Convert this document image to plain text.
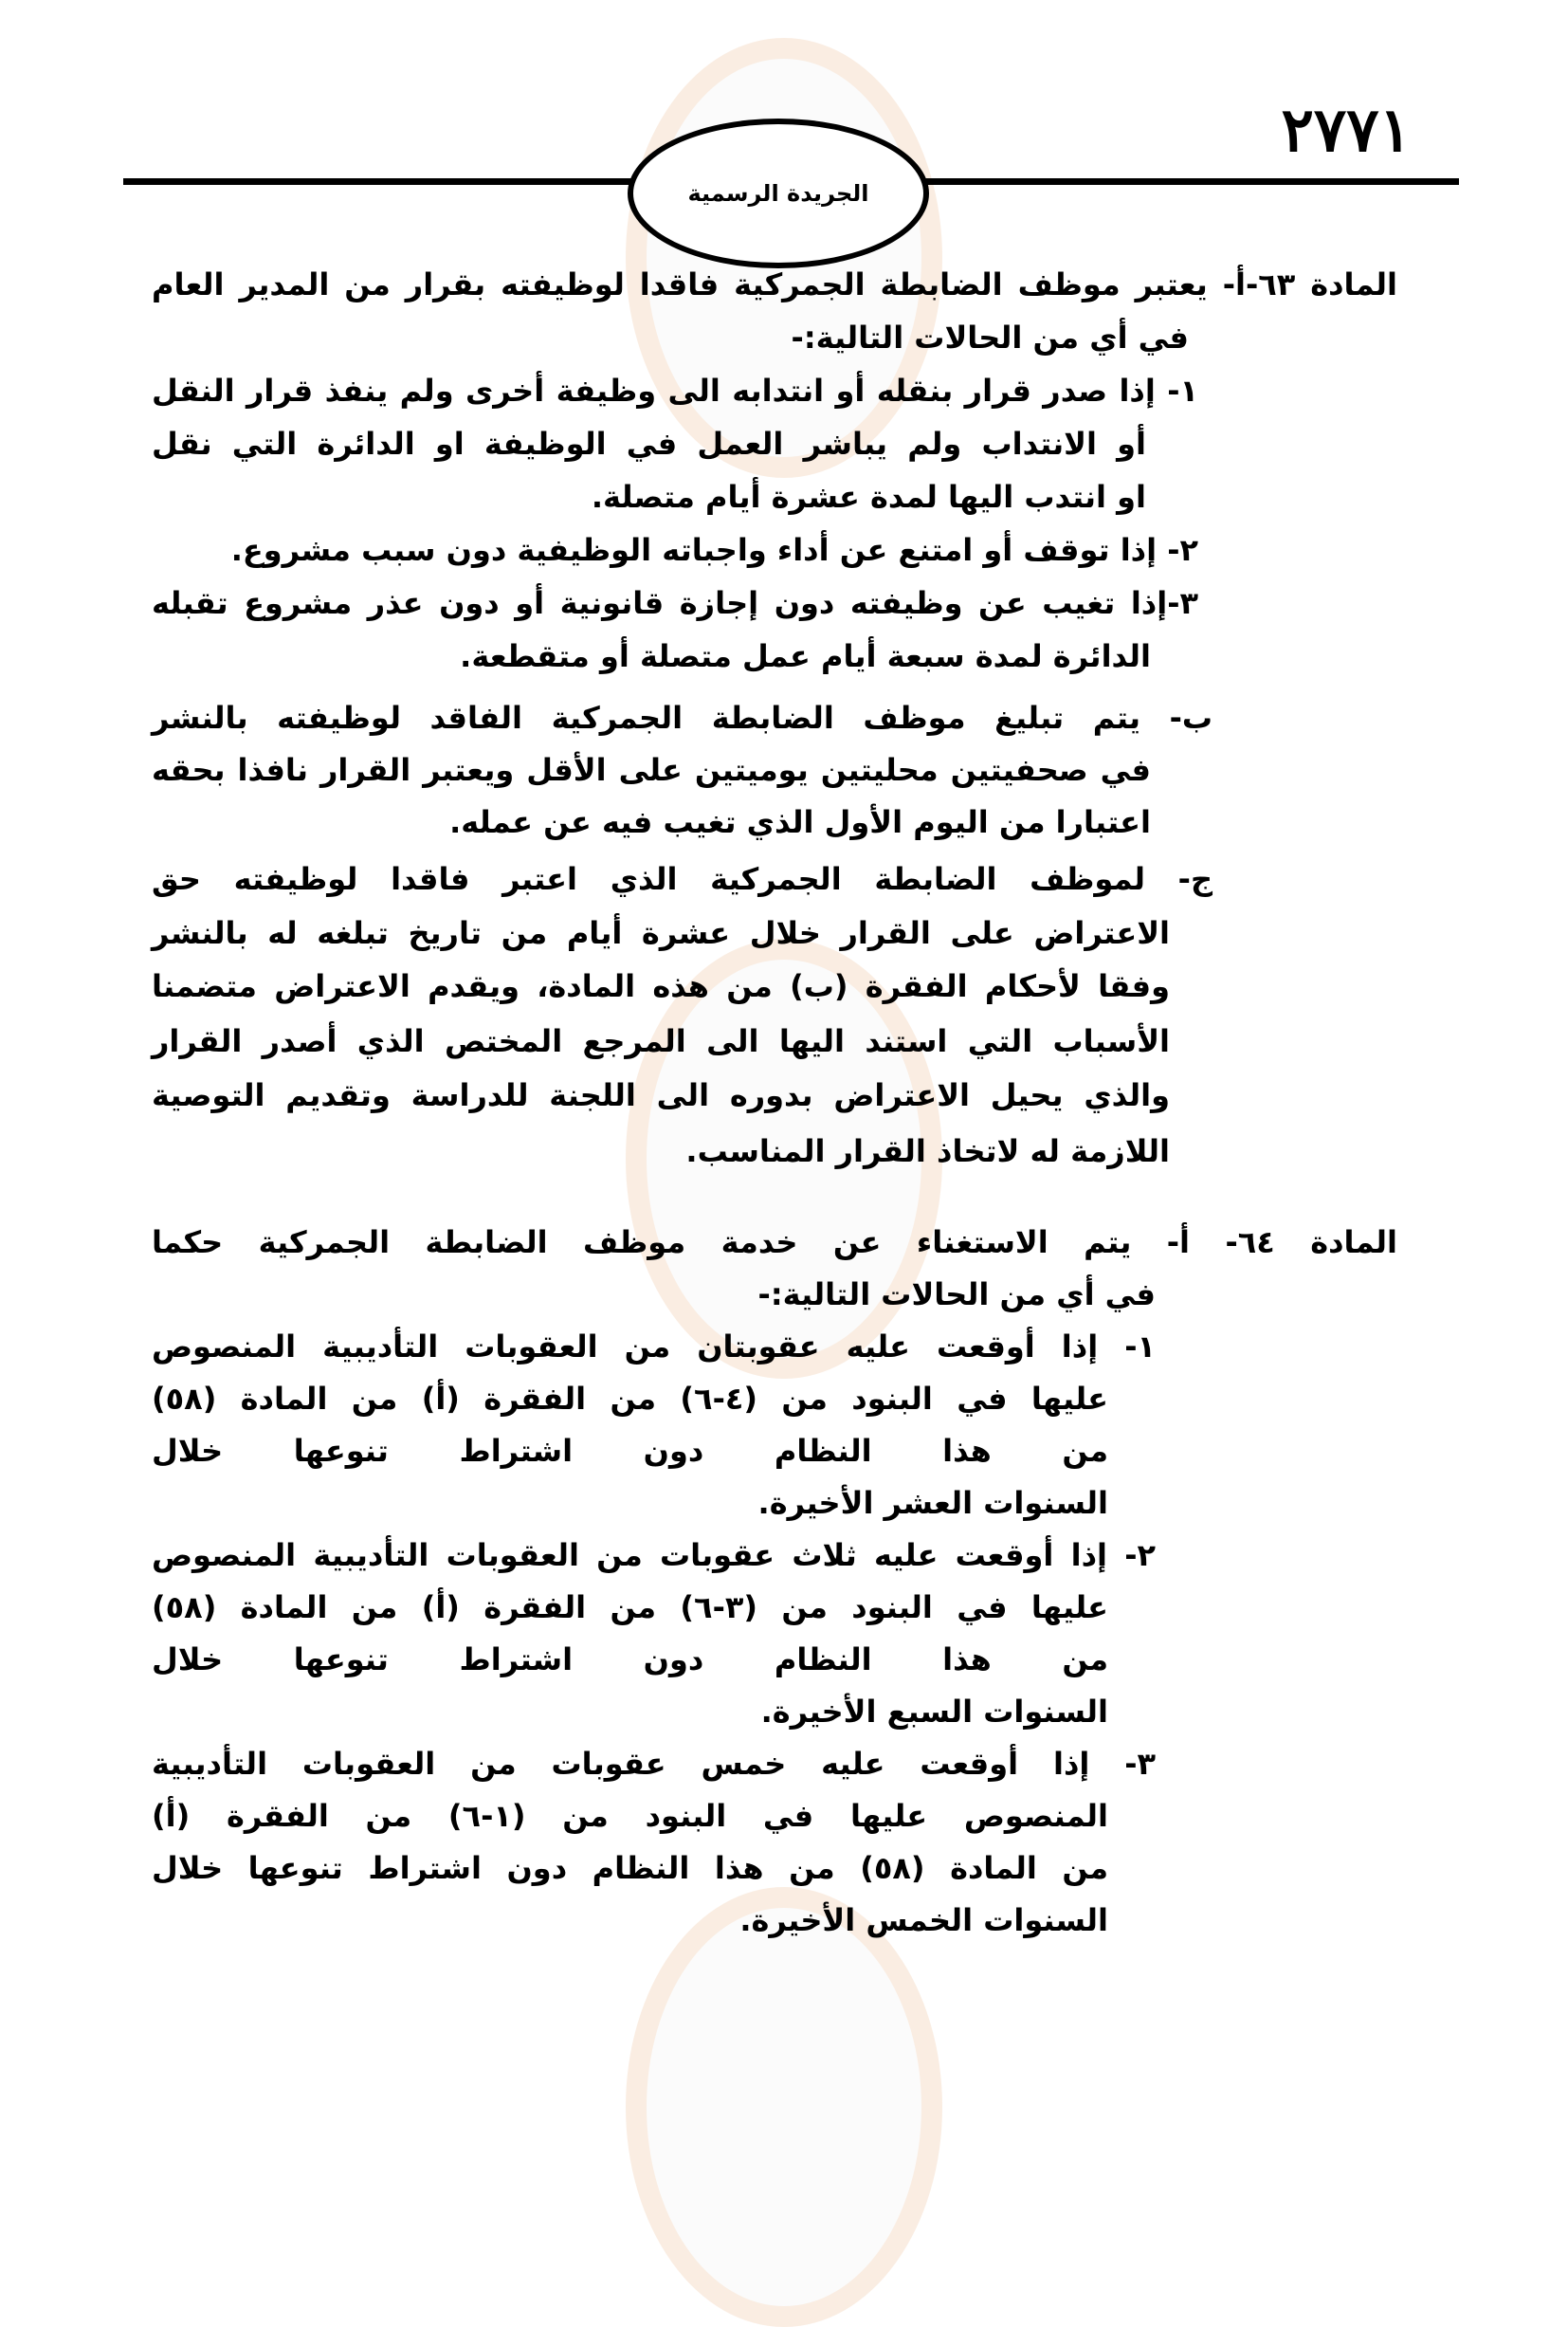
٢٧٧١
الجريدة الرسمية
المادة ٦٣-أ- يعتبر موظف الضابطة الجمركية فاقدا لوظيفته بقرار من المدير العام
في أي من الحالات التالية:-
١- إذا صدر قرار بنقله أو انتدابه الى وظيفة أخرى ولم ينفذ قرار النقل
أو الانتداب ولم يباشر العمل في الوظيفة او الدائرة التي نقل
او انتدب اليها لمدة عشرة أيام متصلة.
٢- إذا توقف أو امتنع عن أداء واجباته الوظيفية دون سبب مشروع.
٣-إذا تغيب عن وظيفته دون إجازة قانونية أو دون عذر مشروع تقبله
الدائرة لمدة سبعة أيام عمل متصلة أو متقطعة.
ب- يتم تبليغ موظف الضابطة الجمركية الفاقد لوظيفته بالنشر
في صحفيتين محليتين يوميتين على الأقل ويعتبر القرار نافذا بحقه
اعتبارا من اليوم الأول الذي تغيب فيه عن عمله.
ج- لموظف الضابطة الجمركية الذي اعتبر فاقدا لوظيفته حق
الاعتراض على القرار خلال عشرة أيام من تاريخ تبلغه له بالنشر
وفقا لأحكام الفقرة (ب) من هذه المادة، ويقدم الاعتراض متضمنا
الأسباب التي استند اليها الى المرجع المختص الذي أصدر القرار
والذي يحيل الاعتراض بدوره الى اللجنة للدراسة وتقديم التوصية
اللازمة له لاتخاذ القرار المناسب.
المادة ٦٤- أ- يتم الاستغناء عن خدمة موظف الضابطة الجمركية حكما
في أي من الحالات التالية:-
١- إذا أوقعت عليه عقوبتان من العقوبات التأديبية المنصوص
عليها في البنود من (٤-٦) من الفقرة (أ) من المادة (٥٨)
من هذا النظام دون اشتراط تنوعها خلال
السنوات العشر الأخيرة.
٢- إذا أوقعت عليه ثلاث عقوبات من العقوبات التأديبية المنصوص
عليها في البنود من (٣-٦) من الفقرة (أ) من المادة (٥٨)
من هذا النظام دون اشتراط تنوعها خلال
السنوات السبع الأخيرة.
٣- إذا أوقعت عليه خمس عقوبات من العقوبات التأديبية
المنصوص عليها في البنود من (١-٦) من الفقرة (أ)
من المادة (٥٨) من هذا النظام دون اشتراط تنوعها خلال
السنوات الخمس الأخيرة.
